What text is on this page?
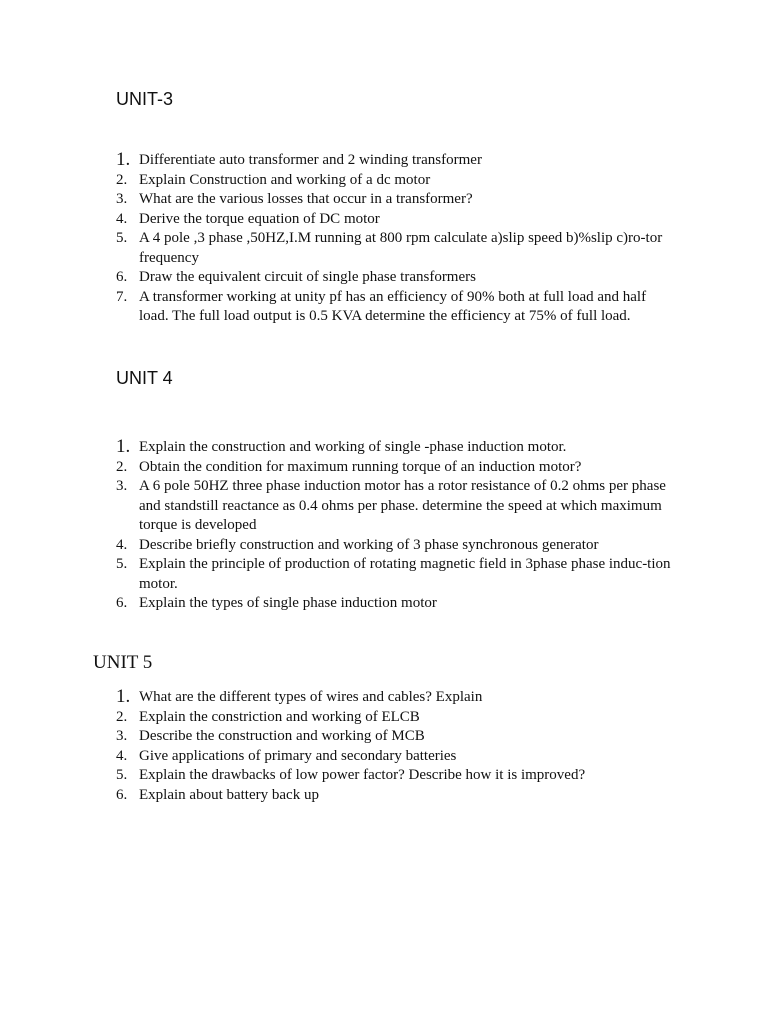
UNIT-3
1. Differentiate auto transformer and 2 winding transformer
2. Explain Construction and working of a dc motor
3. What are the various losses that occur in a transformer?
4. Derive the torque equation of DC motor
5. A 4 pole ,3 phase ,50HZ,I.M running at 800 rpm calculate a)slip speed b)%slip c)ro-tor frequency
6. Draw the equivalent circuit of single phase transformers
7. A transformer working at unity pf has an efficiency of 90% both at full load and half load. The full load output is 0.5 KVA determine the efficiency at 75% of full load.
UNIT 4
1. Explain the construction and working of single -phase induction motor.
2. Obtain the condition for maximum running torque of an induction motor?
3. A 6 pole 50HZ three phase induction motor has a rotor resistance of 0.2 ohms per phase and standstill reactance as 0.4 ohms per phase. determine the speed at which maximum torque is developed
4. Describe briefly construction and working of 3 phase synchronous generator
5. Explain the principle of production of rotating magnetic field in 3phase phase induc-tion motor.
6. Explain the types of single phase induction motor
UNIT 5
1. What are the different types of wires and cables? Explain
2. Explain the constriction and working of ELCB
3. Describe the construction and working of MCB
4. Give applications of primary and secondary batteries
5. Explain the drawbacks of low power factor? Describe how it is improved?
6. Explain about battery back up
